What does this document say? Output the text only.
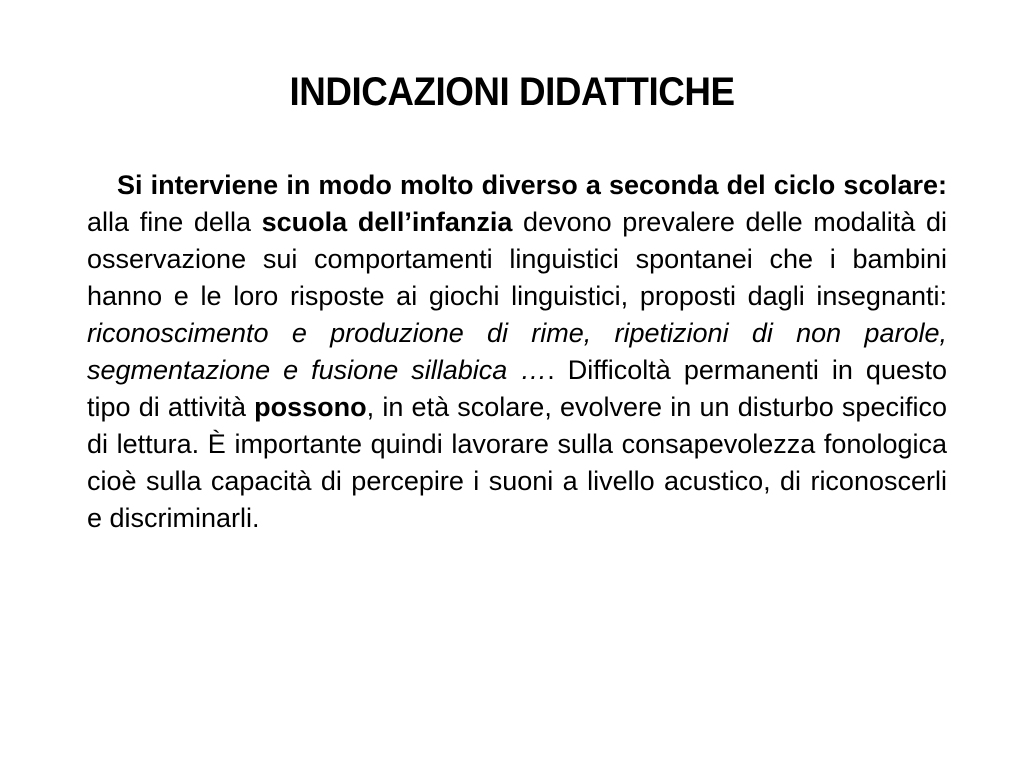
INDICAZIONI DIDATTICHE

Si interviene in modo molto diverso a seconda del ciclo scolare: alla fine della scuola dell’infanzia devono prevalere delle modalità di osservazione sui comportamenti linguistici spontanei che i bambini hanno e le loro risposte ai giochi linguistici, proposti dagli insegnanti: riconoscimento e produzione di rime, ripetizioni di non parole, segmentazione e fusione sillabica …. Difficoltà permanenti in questo tipo di attività possono, in età scolare, evolvere in un disturbo specifico di lettura. È importante quindi lavorare sulla consapevolezza fonologica cioè sulla capacità di percepire i suoni a livello acustico, di riconoscerli e discriminarli.
